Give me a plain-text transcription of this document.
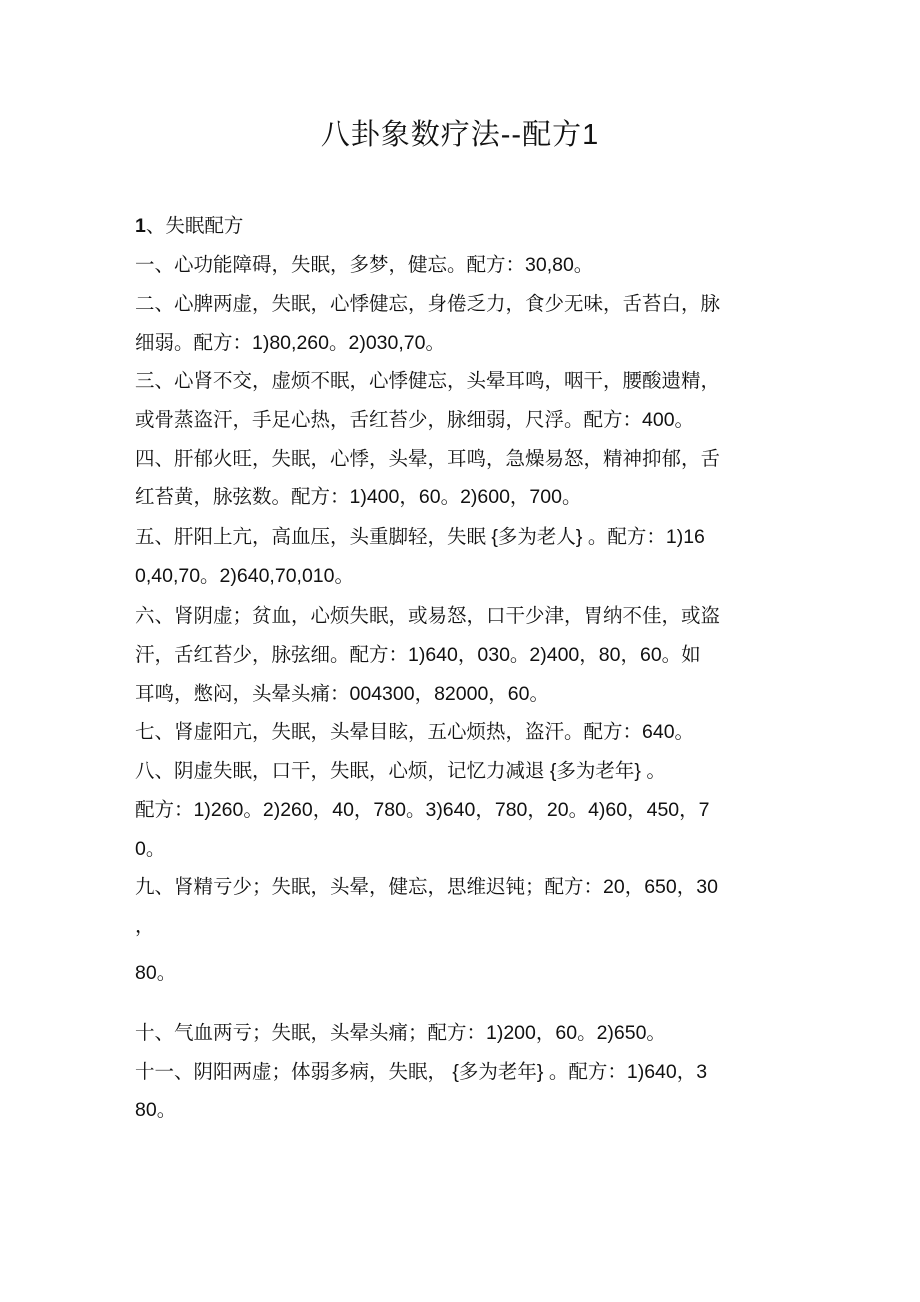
八卦象数疗法--配方1
1、失眠配方
一、心功能障碍，失眠，多梦，健忘。配方：30,80。
二、心脾两虚，失眠，心悸健忘，身倦乏力，食少无味，舌苔白，脉
细弱。配方：1)80,260。2)030,70。
三、心肾不交，虚烦不眠，心悸健忘，头晕耳鸣，咽干，腰酸遗精，
或骨蒸盗汗，手足心热，舌红苔少，脉细弱，尺浮。配方：400。
四、肝郁火旺，失眠，心悸，头晕，耳鸣，急燥易怒，精神抑郁，舌
红苔黄，脉弦数。配方：1)400，60。2)600，700。
五、肝阳上亢，高血压，头重脚轻，失眠 {多为老人} 。配方：1)16
0,40,70。2)640,70,010。
六、肾阴虚；贫血，心烦失眠，或易怒，口干少津，胃纳不佳，或盗
汗，舌红苔少，脉弦细。配方：1)640，030。2)400，80，60。如
耳鸣，憋闷，头晕头痛：004300，82000，60。
七、肾虚阳亢，失眠，头晕目眩，五心烦热，盗汗。配方：640。
八、阴虚失眠，口干，失眠，心烦，记忆力减退 {多为老年} 。
配方：1)260。2)260，40，780。3)640，780，20。4)60，450，7
0。
九、肾精亏少；失眠，头晕，健忘，思维迟钝；配方：20，650，30
，
80。
十、气血两亏；失眠，头晕头痛；配方：1)200，60。2)650。
十一、阴阳两虚；体弱多病，失眠， {多为老年} 。配方：1)640，3
80。
